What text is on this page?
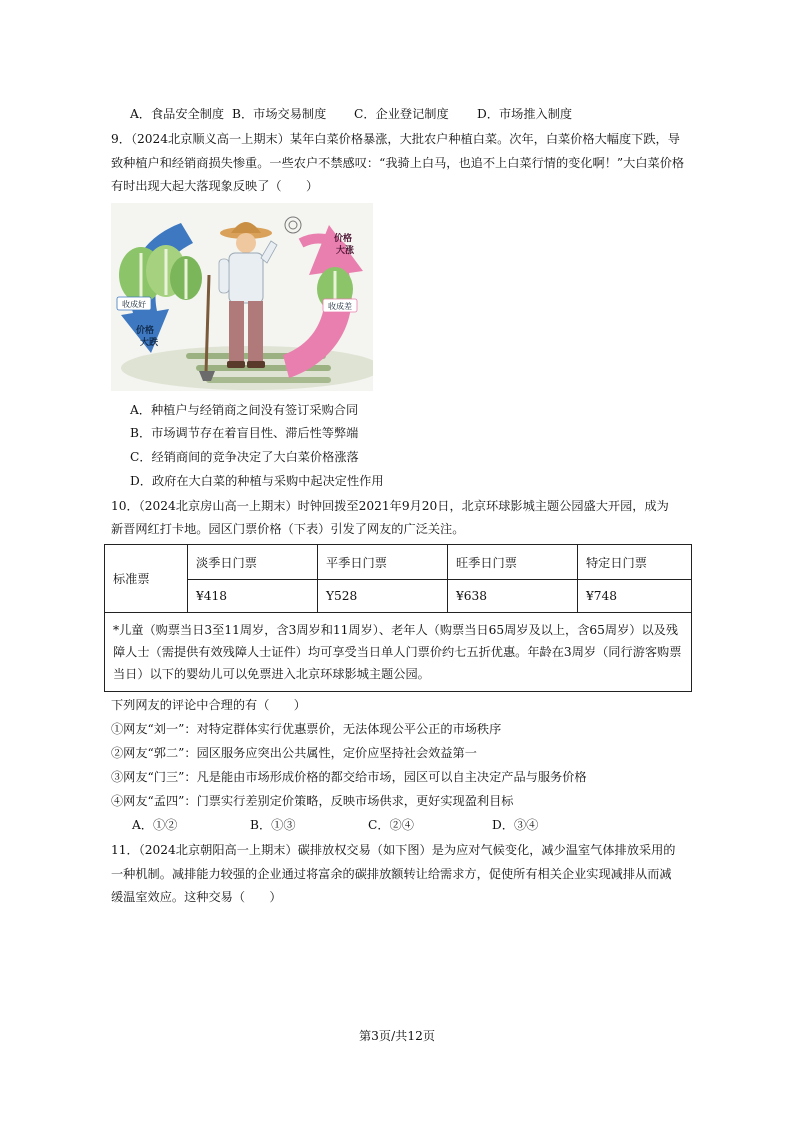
A．食品安全制度 B．市场交易制度 C．企业登记制度 D．市场推入制度
9．（2024北京顺义高一上期末）某年白菜价格暴涨，大批农户种植白菜。次年，白菜价格大幅度下跌，导
致种植户和经销商损失惨重。一些农户不禁感叹：“我骑上白马，也追不上白菜行情的变化啊！”大白菜价格
有时出现大起大落现象反映了（　　）
收成好
价格
大跌
价格
大涨
收成差
A．种植户与经销商之间没有签订采购合同
B．市场调节存在着盲目性、滞后性等弊端
C．经销商间的竞争决定了大白菜价格涨落
D．政府在大白菜的种植与采购中起决定性作用
10．（2024北京房山高一上期末）时钟回拨至2021年9月20日，北京环球影城主题公园盛大开园，成为
新晋网红打卡地。园区门票价格（下表）引发了网友的广泛关注。
标准票	淡季日门票	平季日门票	旺季日门票	特定日门票
	¥418	Y528	¥638	¥748
*儿童（购票当日3至11周岁，含3周岁和11周岁）、老年人（购票当日65周岁及以上，含65周岁）以及残障人士（需提供有效残障人士证件）均可享受当日单人门票价约七五折优惠。年龄在3周岁（同行游客购票当日）以下的婴幼儿可以免票进入北京环球影城主题公园。				
下列网友的评论中合理的有（　　）
①网友“刘一”：对特定群体实行优惠票价，无法体现公平公正的市场秩序
②网友“郭二”：园区服务应突出公共属性，定价应坚持社会效益第一
③网友“门三”：凡是能由市场形成价格的都交给市场，园区可以自主决定产品与服务价格
④网友“孟四”：门票实行差别定价策略，反映市场供求，更好实现盈利目标
A．①②	B．①③	C．②④	D．③④
11．（2024北京朝阳高一上期末）碳排放权交易（如下图）是为应对气候变化，减少温室气体排放采用的
一种机制。减排能力较强的企业通过将富余的碳排放额转让给需求方，促使所有相关企业实现减排从而减
缓温室效应。这种交易（　　）
第3页/共12页
